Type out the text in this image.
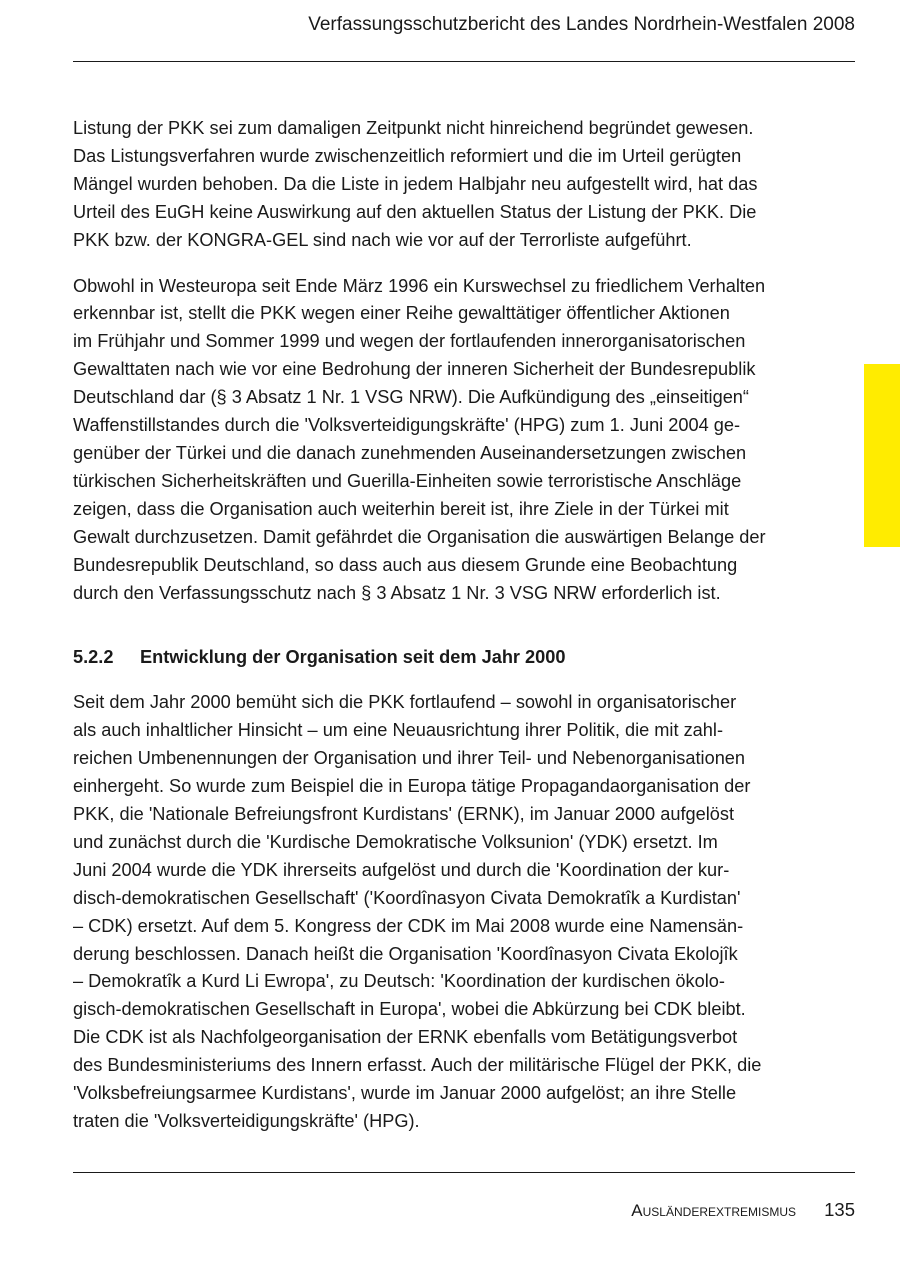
Verfassungsschutzbericht des Landes Nordrhein-Westfalen 2008

Listung der PKK sei zum damaligen Zeitpunkt nicht hinreichend begründet gewesen.
Das Listungsverfahren wurde zwischenzeitlich reformiert und die im Urteil gerügten
Mängel wurden behoben. Da die Liste in jedem Halbjahr neu aufgestellt wird, hat das
Urteil des EuGH keine Auswirkung auf den aktuellen Status der Listung der PKK. Die
PKK bzw. der KONGRA-GEL sind nach wie vor auf der Terrorliste aufgeführt.

Obwohl in Westeuropa seit Ende März 1996 ein Kurswechsel zu friedlichem Verhalten
erkennbar ist, stellt die PKK wegen einer Reihe gewalttätiger öffentlicher Aktionen
im Frühjahr und Sommer 1999 und wegen der fortlaufenden innerorganisatorischen
Gewalttaten nach wie vor eine Bedrohung der inneren Sicherheit der Bundesrepublik
Deutschland dar (§ 3 Absatz 1 Nr. 1 VSG NRW). Die Aufkündigung des „einseitigen“
Waffenstillstandes durch die 'Volksverteidigungskräfte' (HPG) zum 1. Juni 2004 ge-
genüber der Türkei und die danach zunehmenden Auseinandersetzungen zwischen
türkischen Sicherheitskräften und Guerilla-Einheiten sowie terroristische Anschläge
zeigen, dass die Organisation auch weiterhin bereit ist, ihre Ziele in der Türkei mit
Gewalt durchzusetzen. Damit gefährdet die Organisation die auswärtigen Belange der
Bundesrepublik Deutschland, so dass auch aus diesem Grunde eine Beobachtung
durch den Verfassungsschutz nach § 3 Absatz 1 Nr. 3 VSG NRW erforderlich ist.

5.2.2 Entwicklung der Organisation seit dem Jahr 2000

Seit dem Jahr 2000 bemüht sich die PKK fortlaufend – sowohl in organisatorischer
als auch inhaltlicher Hinsicht – um eine Neuausrichtung ihrer Politik, die mit zahl-
reichen Umbenennungen der Organisation und ihrer Teil- und Nebenorganisationen
einhergeht. So wurde zum Beispiel die in Europa tätige Propagandaorganisation der
PKK, die 'Nationale Befreiungsfront Kurdistans' (ERNK), im Januar 2000 aufgelöst
und zunächst durch die 'Kurdische Demokratische Volksunion' (YDK) ersetzt. Im
Juni 2004 wurde die YDK ihrerseits aufgelöst und durch die 'Koordination der kur-
disch-demokratischen Gesellschaft' ('Koordînasyon Civata Demokratîk a Kurdistan'
– CDK) ersetzt. Auf dem 5. Kongress der CDK im Mai 2008 wurde eine Namensän-
derung beschlossen. Danach heißt die Organisation 'Koordînasyon Civata Ekolojîk
– Demokratîk a Kurd Li Ewropa', zu Deutsch: 'Koordination der kurdischen ökolo-
gisch-demokratischen Gesellschaft in Europa', wobei die Abkürzung bei CDK bleibt.
Die CDK ist als Nachfolgeorganisation der ERNK ebenfalls vom Betätigungsverbot
des Bundesministeriums des Innern erfasst. Auch der militärische Flügel der PKK, die
'Volksbefreiungsarmee Kurdistans', wurde im Januar 2000 aufgelöst; an ihre Stelle
traten die 'Volksverteidigungskräfte' (HPG).

Ausländerextremismus 135
